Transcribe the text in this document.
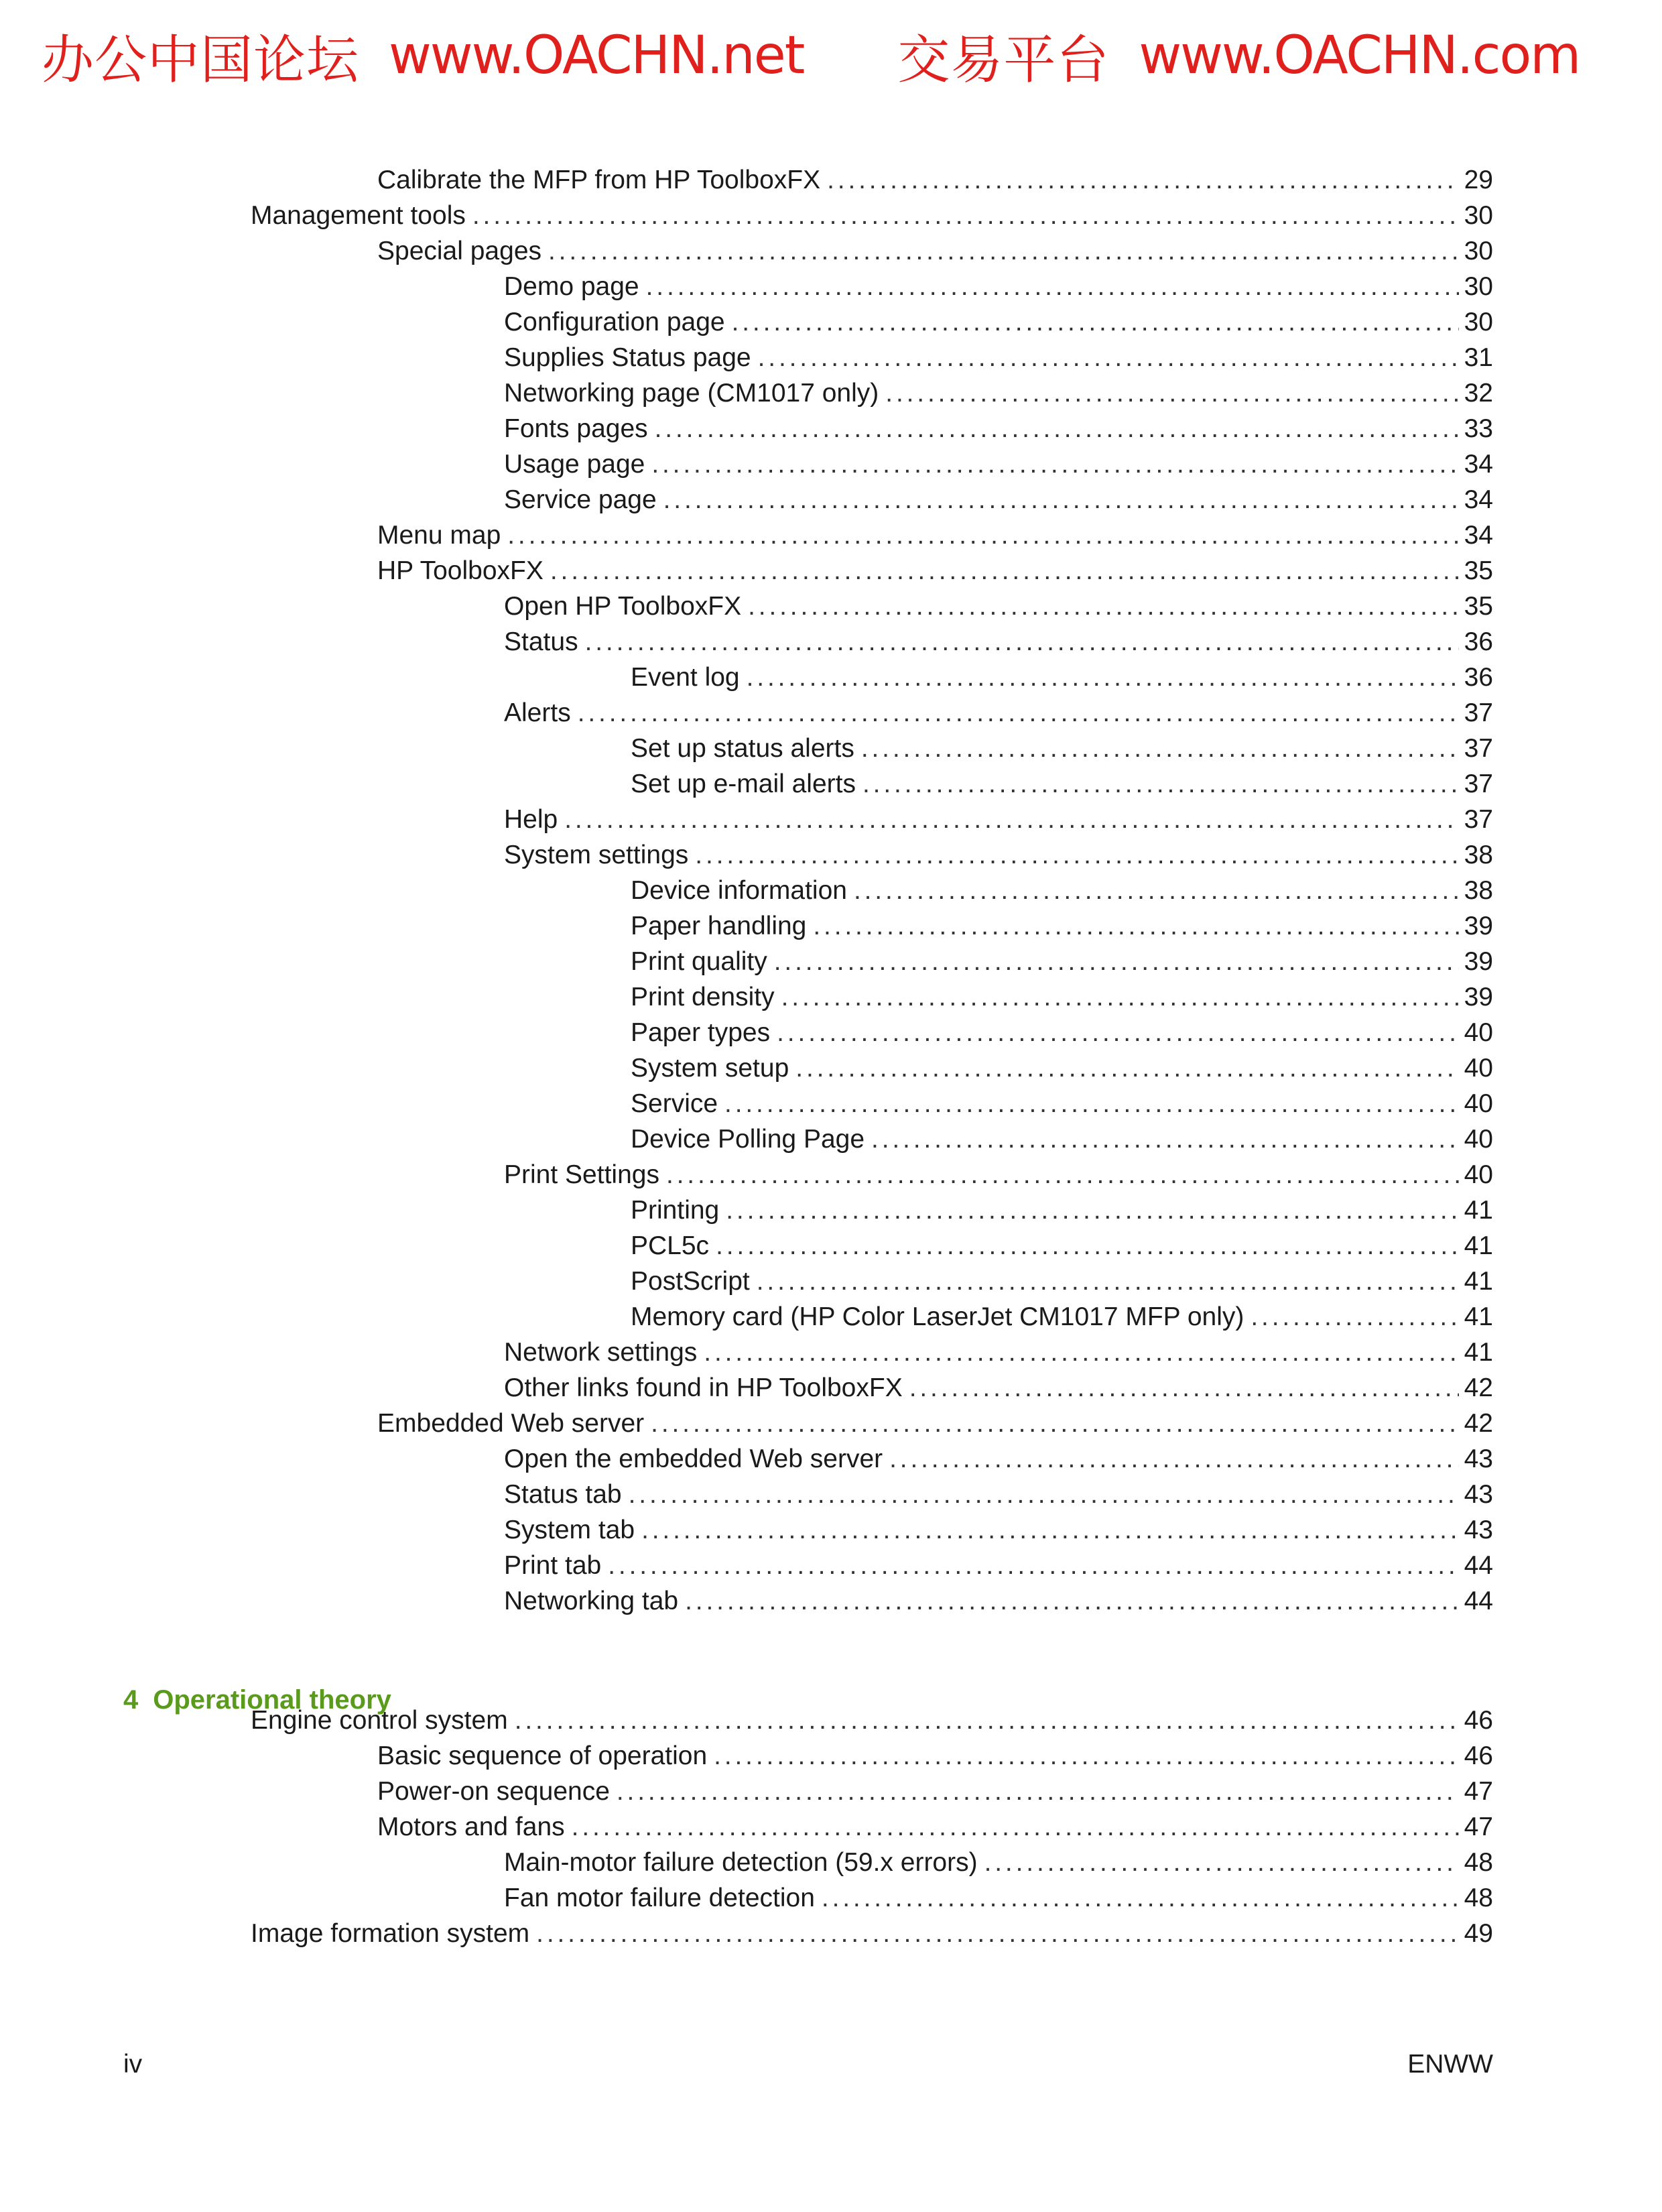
办公中国论坛 www.OACHN.net 交易平台 www.OACHN.com
Calibrate the MFP from HP ToolboxFX . . .	29
Management tools . . .	30
Special pages . . .	30
Demo page . . .	30
Configuration page . . .	30
Supplies Status page . . .	31
Networking page (CM1017 only) . . .	32
Fonts pages . . .	33
Usage page . . .	34
Service page . . .	34
Menu map . . .	34
HP ToolboxFX . . .	35
Open HP ToolboxFX . . .	35
Status . . .	36
Event log . . .	36
Alerts . . .	37
Set up status alerts . . .	37
Set up e-mail alerts . . .	37
Help . . .	37
System settings . . .	38
Device information . . .	38
Paper handling . . .	39
Print quality . . .	39
Print density . . .	39
Paper types . . .	40
System setup . . .	40
Service . . .	40
Device Polling Page . . .	40
Print Settings . . .	40
Printing . . .	41
PCL5c . . .	41
PostScript . . .	41
Memory card (HP Color LaserJet CM1017 MFP only) . . .	41
Network settings . . .	41
Other links found in HP ToolboxFX . . .	42
Embedded Web server . . .	42
Open the embedded Web server . . .	43
Status tab . . .	43
System tab . . .	43
Print tab . . .	44
Networking tab . . .	44
4 Operational theory
Engine control system . . .	46
Basic sequence of operation . . .	46
Power-on sequence . . .	47
Motors and fans . . .	47
Main-motor failure detection (59.x errors) . . .	48
Fan motor failure detection . . .	48
Image formation system . . .	49
iv	ENWW
